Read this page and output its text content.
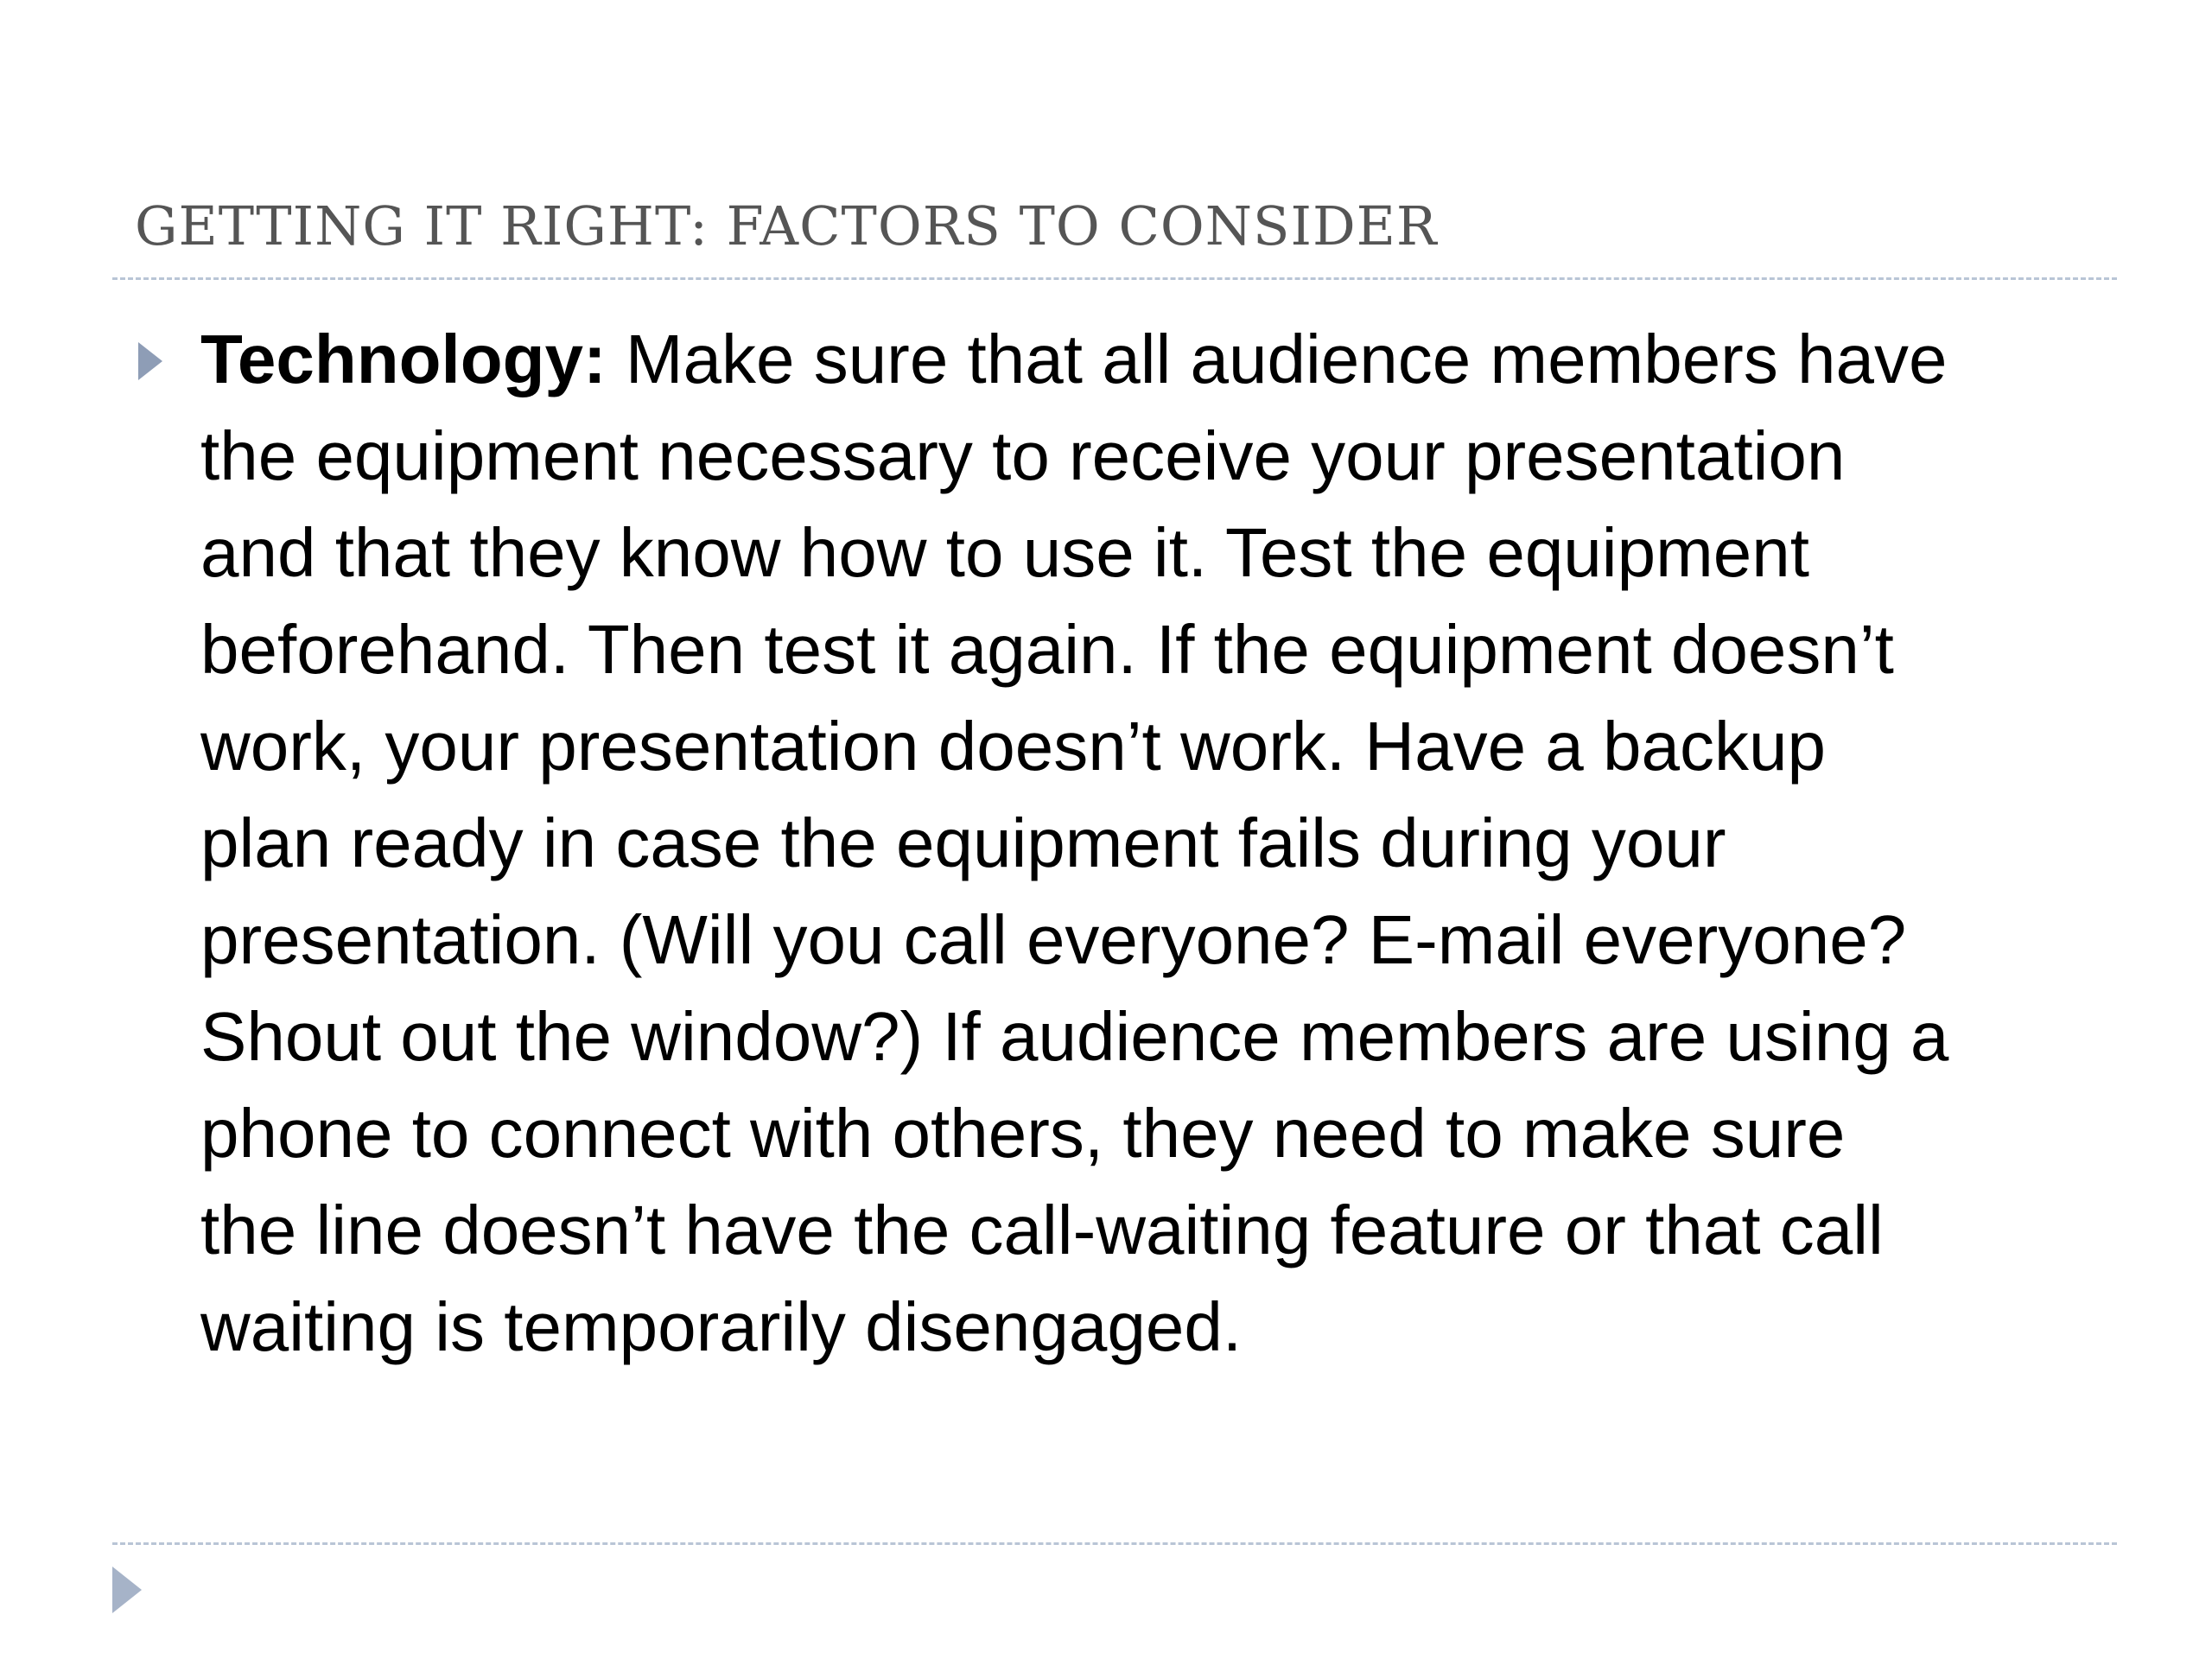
GETTING IT RIGHT: FACTORS TO CONSIDER
Technology: Make sure that all audience members have
the equipment necessary to receive your presentation
and that they know how to use it. Test the equipment
beforehand. Then test it again. If the equipment doesn’t
work, your presentation doesn’t work. Have a backup
plan ready in case the equipment fails during your
presentation. (Will you call everyone? E-mail everyone?
Shout out the window?) If audience members are using a
phone to connect with others, they need to make sure
the line doesn’t have the call-waiting feature or that call
waiting is temporarily disengaged.
